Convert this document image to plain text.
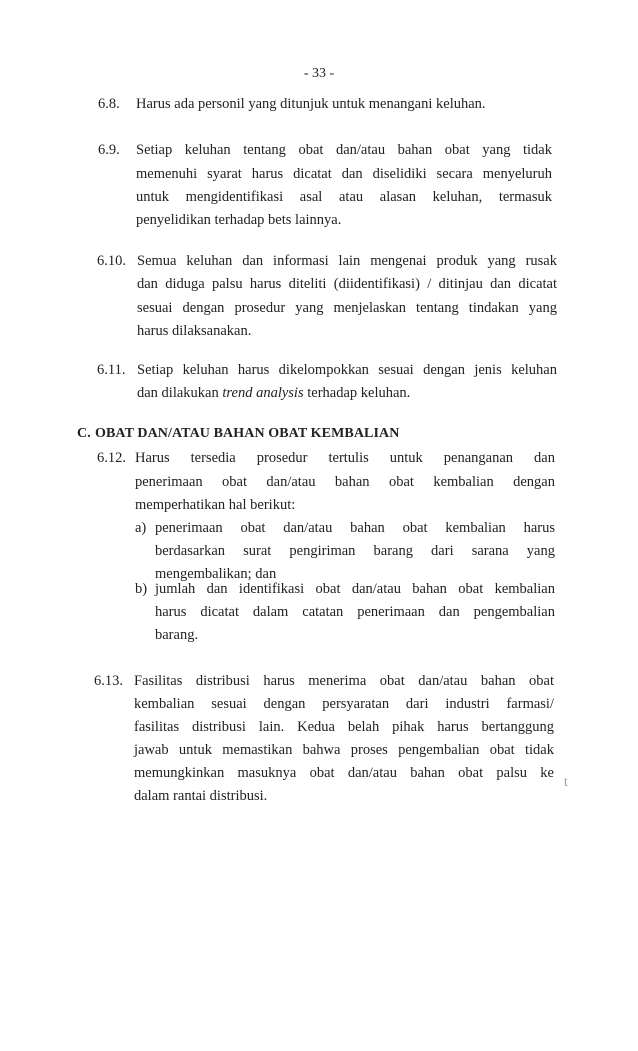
- 33 -
6.8. Harus ada personil yang ditunjuk untuk menangani keluhan.
6.9. Setiap keluhan tentang obat dan/atau bahan obat yang tidak
memenuhi syarat harus dicatat dan diselidiki secara menyeluruh
untuk mengidentifikasi asal atau alasan keluhan, termasuk
penyelidikan terhadap bets lainnya.
6.10. Semua keluhan dan informasi lain mengenai produk yang rusak
dan diduga palsu harus diteliti (diidentifikasi) / ditinjau dan dicatat
sesuai dengan prosedur yang menjelaskan tentang tindakan yang
harus dilaksanakan.
6.11. Setiap keluhan harus dikelompokkan sesuai dengan jenis keluhan
dan dilakukan trend analysis terhadap keluhan.
C. OBAT DAN/ATAU BAHAN OBAT KEMBALIAN
6.12. Harus tersedia prosedur tertulis untuk penanganan dan
penerimaan obat dan/atau bahan obat kembalian dengan
memperhatikan hal berikut:
a) penerimaan obat dan/atau bahan obat kembalian harus
berdasarkan surat pengiriman barang dari sarana yang
mengembalikan; dan
b) jumlah dan identifikasi obat dan/atau bahan obat kembalian
harus dicatat dalam catatan penerimaan dan pengembalian
barang.
6.13. Fasilitas distribusi harus menerima obat dan/atau bahan obat
kembalian sesuai dengan persyaratan dari industri farmasi/
fasilitas distribusi lain. Kedua belah pihak harus bertanggung
jawab untuk memastikan bahwa proses pengembalian obat tidak
memungkinkan masuknya obat dan/atau bahan obat palsu ke
dalam rantai distribusi.
t
